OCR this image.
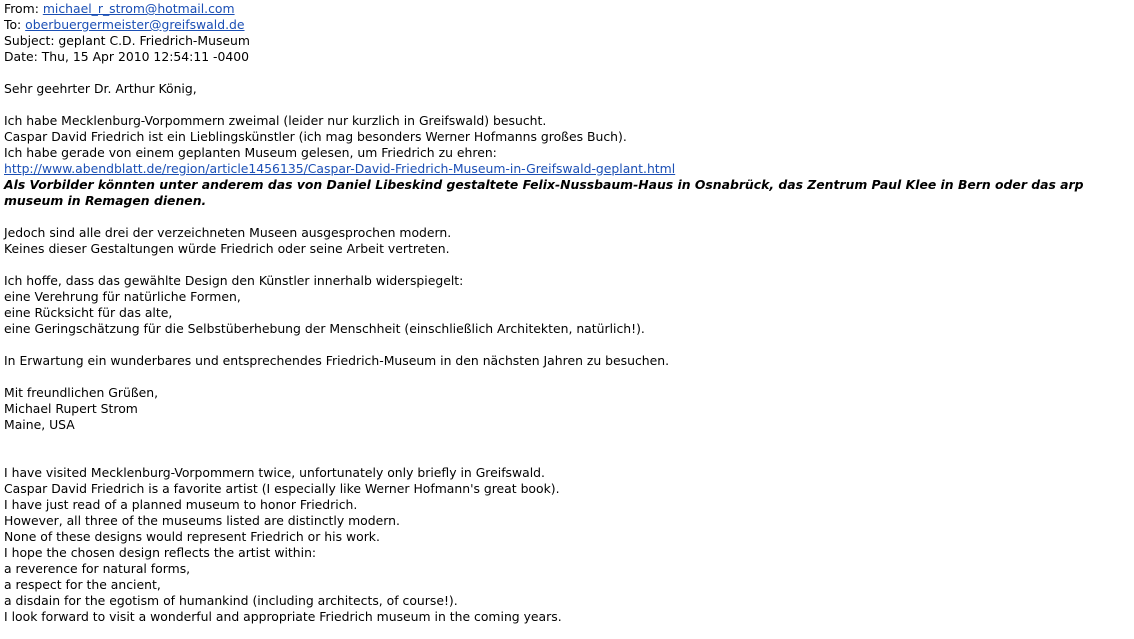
From: michael_r_strom@hotmail.com
To: oberbuergermeister@greifswald.de
Subject: geplant C.D. Friedrich-Museum
Date: Thu, 15 Apr 2010 12:54:11 -0400
Sehr geehrter Dr. Arthur König,
Ich habe Mecklenburg-Vorpommern zweimal (leider nur kurzlich in Greifswald) besucht.
Caspar David Friedrich ist ein Lieblingskünstler (ich mag besonders Werner Hofmanns großes Buch).
Ich habe gerade von einem geplanten Museum gelesen, um Friedrich zu ehren:
http://www.abendblatt.de/region/article1456135/Caspar-David-Friedrich-Museum-in-Greifswald-geplant.html
Als Vorbilder könnten unter anderem das von Daniel Libeskind gestaltete Felix-Nussbaum-Haus in Osnabrück, das Zentrum Paul Klee in Bern oder das arp museum in Remagen dienen.
Jedoch sind alle drei der verzeichneten Museen ausgesprochen modern.
Keines dieser Gestaltungen würde Friedrich oder seine Arbeit vertreten.
Ich hoffe, dass das gewählte Design den Künstler innerhalb widerspiegelt:
eine Verehrung für natürliche Formen,
eine Rücksicht für das alte,
eine Geringschätzung für die Selbstüberhebung der Menschheit (einschließlich Architekten, natürlich!).
In Erwartung ein wunderbares und entsprechendes Friedrich-Museum in den nächsten Jahren zu besuchen.
Mit freundlichen Grüßen,
Michael Rupert Strom
Maine, USA
I have visited Mecklenburg-Vorpommern twice, unfortunately only briefly in Greifswald.
Caspar David Friedrich is a favorite artist (I especially like Werner Hofmann's great book).
I have just read of a planned museum to honor Friedrich.
However, all three of the museums listed are distinctly modern.
None of these designs would represent Friedrich or his work.
I hope the chosen design reflects the artist within:
a reverence for natural forms,
a respect for the ancient,
a disdain for the egotism of humankind (including architects, of course!).
I look forward to visit a wonderful and appropriate Friedrich museum in the coming years.
